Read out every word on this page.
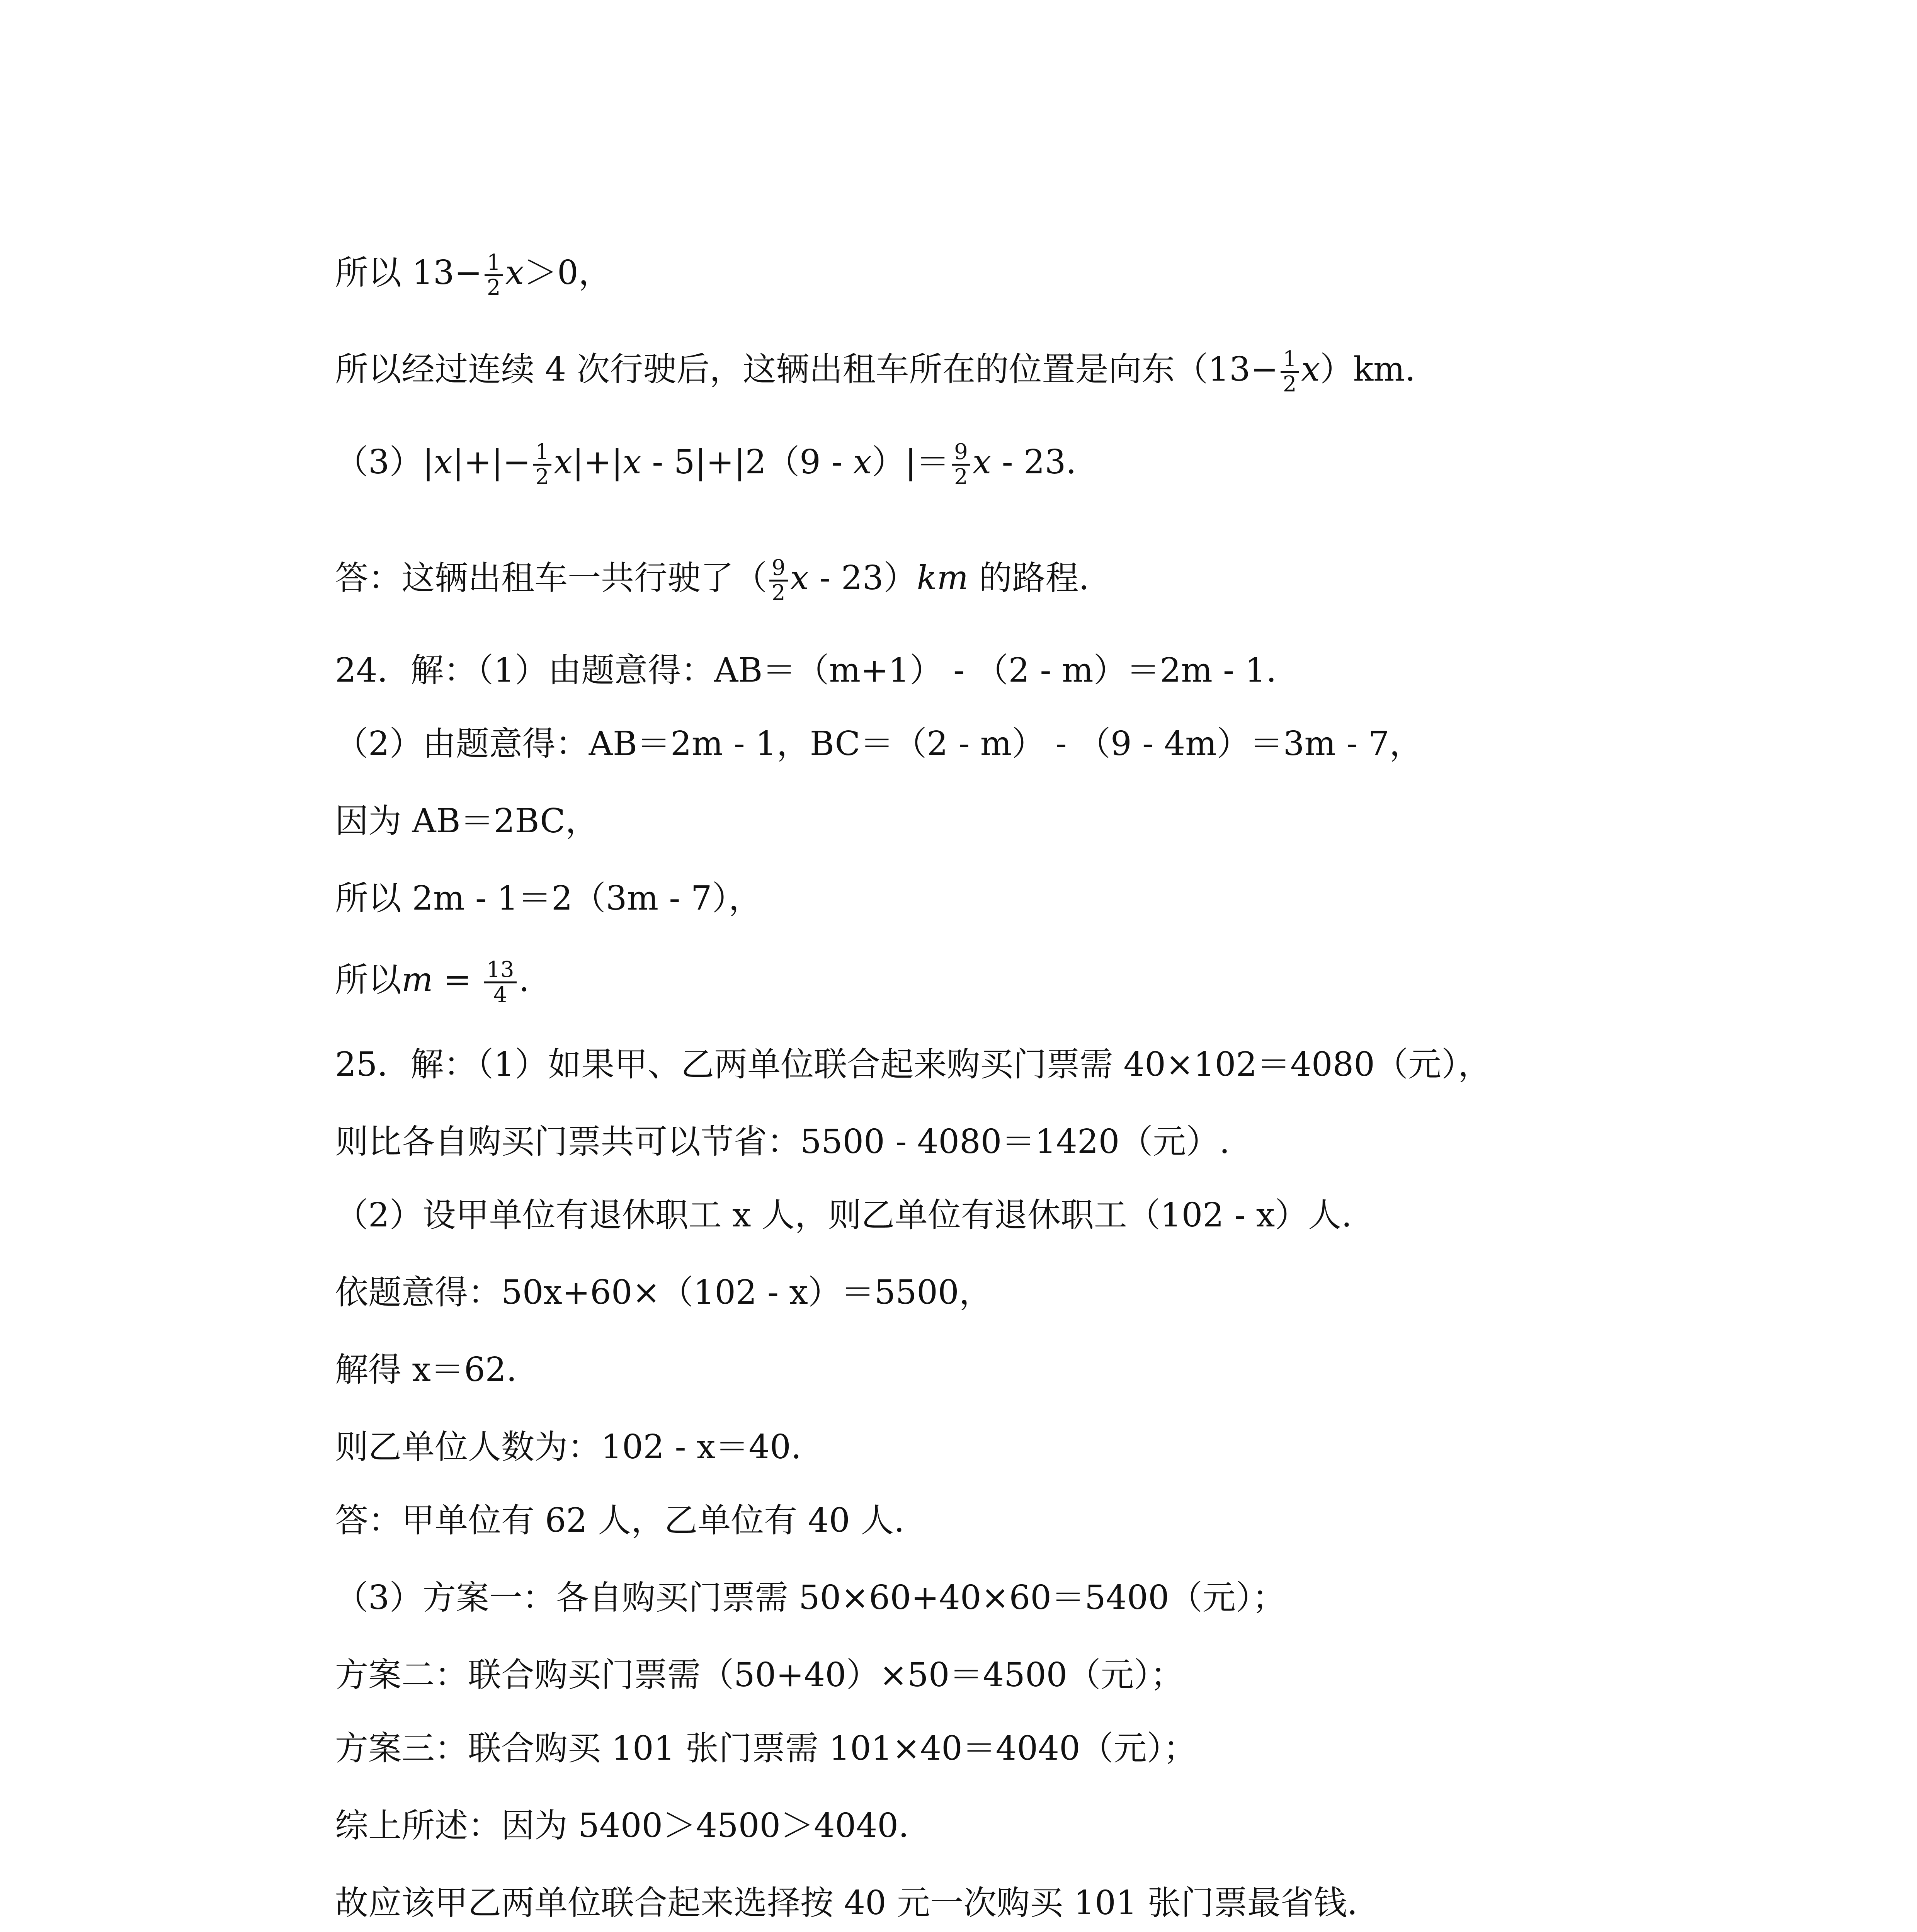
所以 $13- \frac{1}{2} x>0$，
所以经过连续 4 次行驶后，这辆出租车所在的位置是向东$(13- \frac{1}{2} x)km$.
$(3)|x|+|- \frac{1}{2} x|+|x - 5|+|2(9 - x)|= \frac{9}{2}$ x - 23.
答：这辆出租车一共行驶了（ $\frac{9}{2}$ x - 23）km 的路程.
24．解：（1）由题意得：AB＝（m+1） - （2 - m）＝2m - 1.
（2）由题意得：AB＝2m - 1，BC＝（2 - m） - （9 - 4m）＝3m - 7，
因为 AB＝2BC，
所以 2m - 1＝2（3m - 7），
所以$m = \frac{13}{4}$ .
25．解：（1）如果甲、乙两单位联合起来购买门票需 40×102＝4080（元），
则比各自购买门票共可以节省：5500 - 4080＝1420（元）.
（2）设甲单位有退休职工 x 人，则乙单位有退休职工（102 - x）人.
依题意得：50x+60×（102 - x）＝5500，
解得 x＝62.
则乙单位人数为：102 - x＝40.
答：甲单位有 62 人，乙单位有 40 人.
（3）方案一：各自购买门票需 50×60+40×60＝5400（元）；
方案二：联合购买门票需（50+40）×50＝4500（元）；
方案三：联合购买 101 张门票需 101×40＝4040（元）；
综上所述：因为 5400＞4500＞4040.
故应该甲乙两单位联合起来选择按 40 元一次购买 101 张门票最省钱.
